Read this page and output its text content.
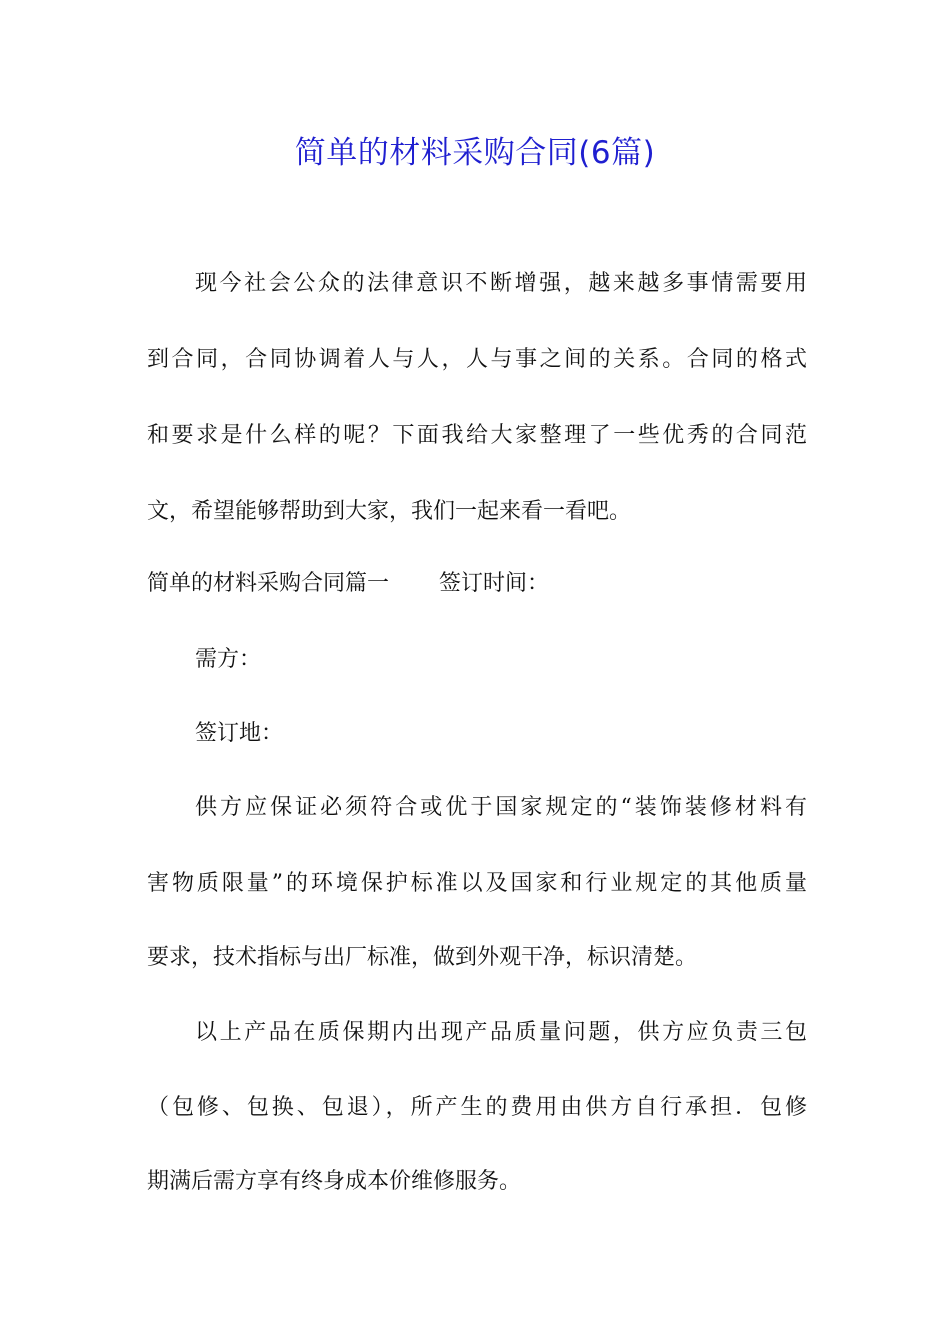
简单的材料采购合同(6篇)
现今社会公众的法律意识不断增强，越来越多事情需要用
到合同，合同协调着人与人，人与事之间的关系。合同的格式
和要求是什么样的呢？下面我给大家整理了一些优秀的合同范
文，希望能够帮助到大家，我们一起来看一看吧。
简单的材料采购合同篇一 签订时间：
需方：
签订地：
供方应保证必须符合或优于国家规定的“装饰装修材料有
害物质限量”的环境保护标准以及国家和行业规定的其他质量
要求，技术指标与出厂标准，做到外观干净，标识清楚。
以上产品在质保期内出现产品质量问题，供方应负责三包
（包修、包换、包退），所产生的费用由供方自行承担．包修
期满后需方享有终身成本价维修服务。
